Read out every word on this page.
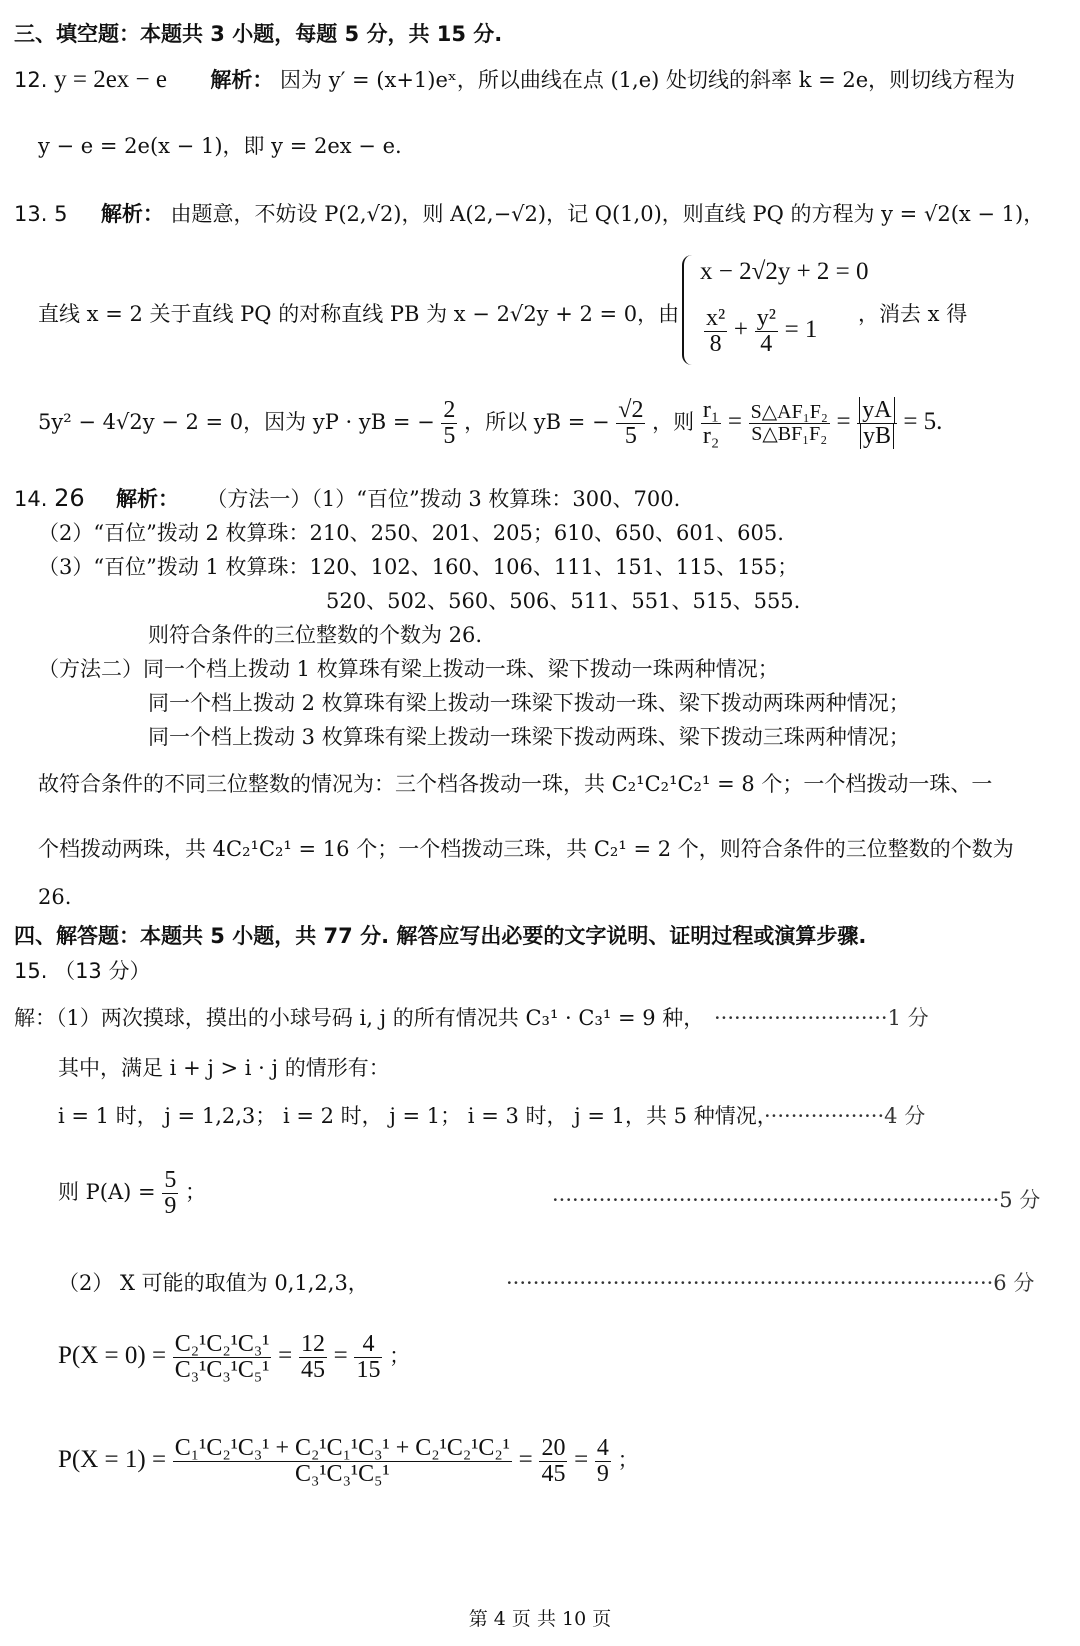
三、填空题：本题共 3 小题，每题 5 分，共 15 分.
12. y = 2ex − e 解析： 因为 y′ = (x+1)eˣ，所以曲线在点 (1,e) 处切线的斜率 k = 2e，则切线方程为
y − e = 2e(x − 1)，即 y = 2ex − e.
13. 5 解析： 由题意，不妨设 P(2,√2)，则 A(2,−√2)，记 Q(1,0)，则直线 PQ 的方程为 y = √2(x − 1)，
直线 x = 2 关于直线 PQ 的对称直线 PB 为 x − 2√2y + 2 = 0，由
x − 2√2y + 2 = 0
$\frac{\text{x²}}{8} + \frac{\text{y²}}{4} = 1$
，消去 x 得
5y² − 4√2y − 2 = 0，因为 yP · yB = − $\frac{2}{5}$ ，所以 yB = − $\frac{√2}{5}$ ，则 $\frac{\text{r₁}}{\text{r₂}} = \frac{\text{S△AF₁F₂}}{\text{S△BF₁F₂}} = \frac{yA}{yB} = 5$.
14. 26 解析： （方法一）（1）“百位”拨动 3 枚算珠：300、700.
（2）“百位”拨动 2 枚算珠：210、250、201、205；610、650、601、605.
（3）“百位”拨动 1 枚算珠：120、102、160、106、111、151、115、155；
520、502、560、506、511、551、515、555.
则符合条件的三位整数的个数为 26.
（方法二）同一个档上拨动 1 枚算珠有梁上拨动一珠、梁下拨动一珠两种情况；
同一个档上拨动 2 枚算珠有梁上拨动一珠梁下拨动一珠、梁下拨动两珠两种情况；
同一个档上拨动 3 枚算珠有梁上拨动一珠梁下拨动两珠、梁下拨动三珠两种情况；
故符合条件的不同三位整数的情况为：三个档各拨动一珠，共 C₂¹C₂¹C₂¹ = 8 个；一个档拨动一珠、一
个档拨动两珠，共 4C₂¹C₂¹ = 16 个；一个档拨动三珠，共 C₂¹ = 2 个，则符合条件的三位整数的个数为
26.
四、解答题：本题共 5 小题，共 77 分. 解答应写出必要的文字说明、证明过程或演算步骤.
15. （13 分）
解：（1）两次摸球，摸出的小球号码 i, j 的所有情况共 C₃¹ · C₃¹ = 9 种， ··························1 分
其中，满足 i + j > i · j 的情形有：
i = 1 时， j = 1,2,3； i = 2 时， j = 1； i = 3 时， j = 1，共 5 种情况，
··················4 分
则 $P(A) = \frac{5}{9}$ ；	···································································5 分
（2） X 可能的取值为 0,1,2,3，	·········································································6 分
$P(X = 0) = \frac{\text{C₂¹C₂¹C₃¹}}{\text{C₃¹C₃¹C₅¹}} = \frac{12}{45} = \frac{4}{15}$ ；
$P(X = 1) = \frac{\text{C₁¹C₂¹C₃¹ + C₂¹C₁¹C₃¹ + C₂¹C₂¹C₂¹}}{\text{C₃¹C₃¹C₅¹}} = \frac{20}{45} = \frac{4}{9}$ ；
第 4 页 共 10 页
